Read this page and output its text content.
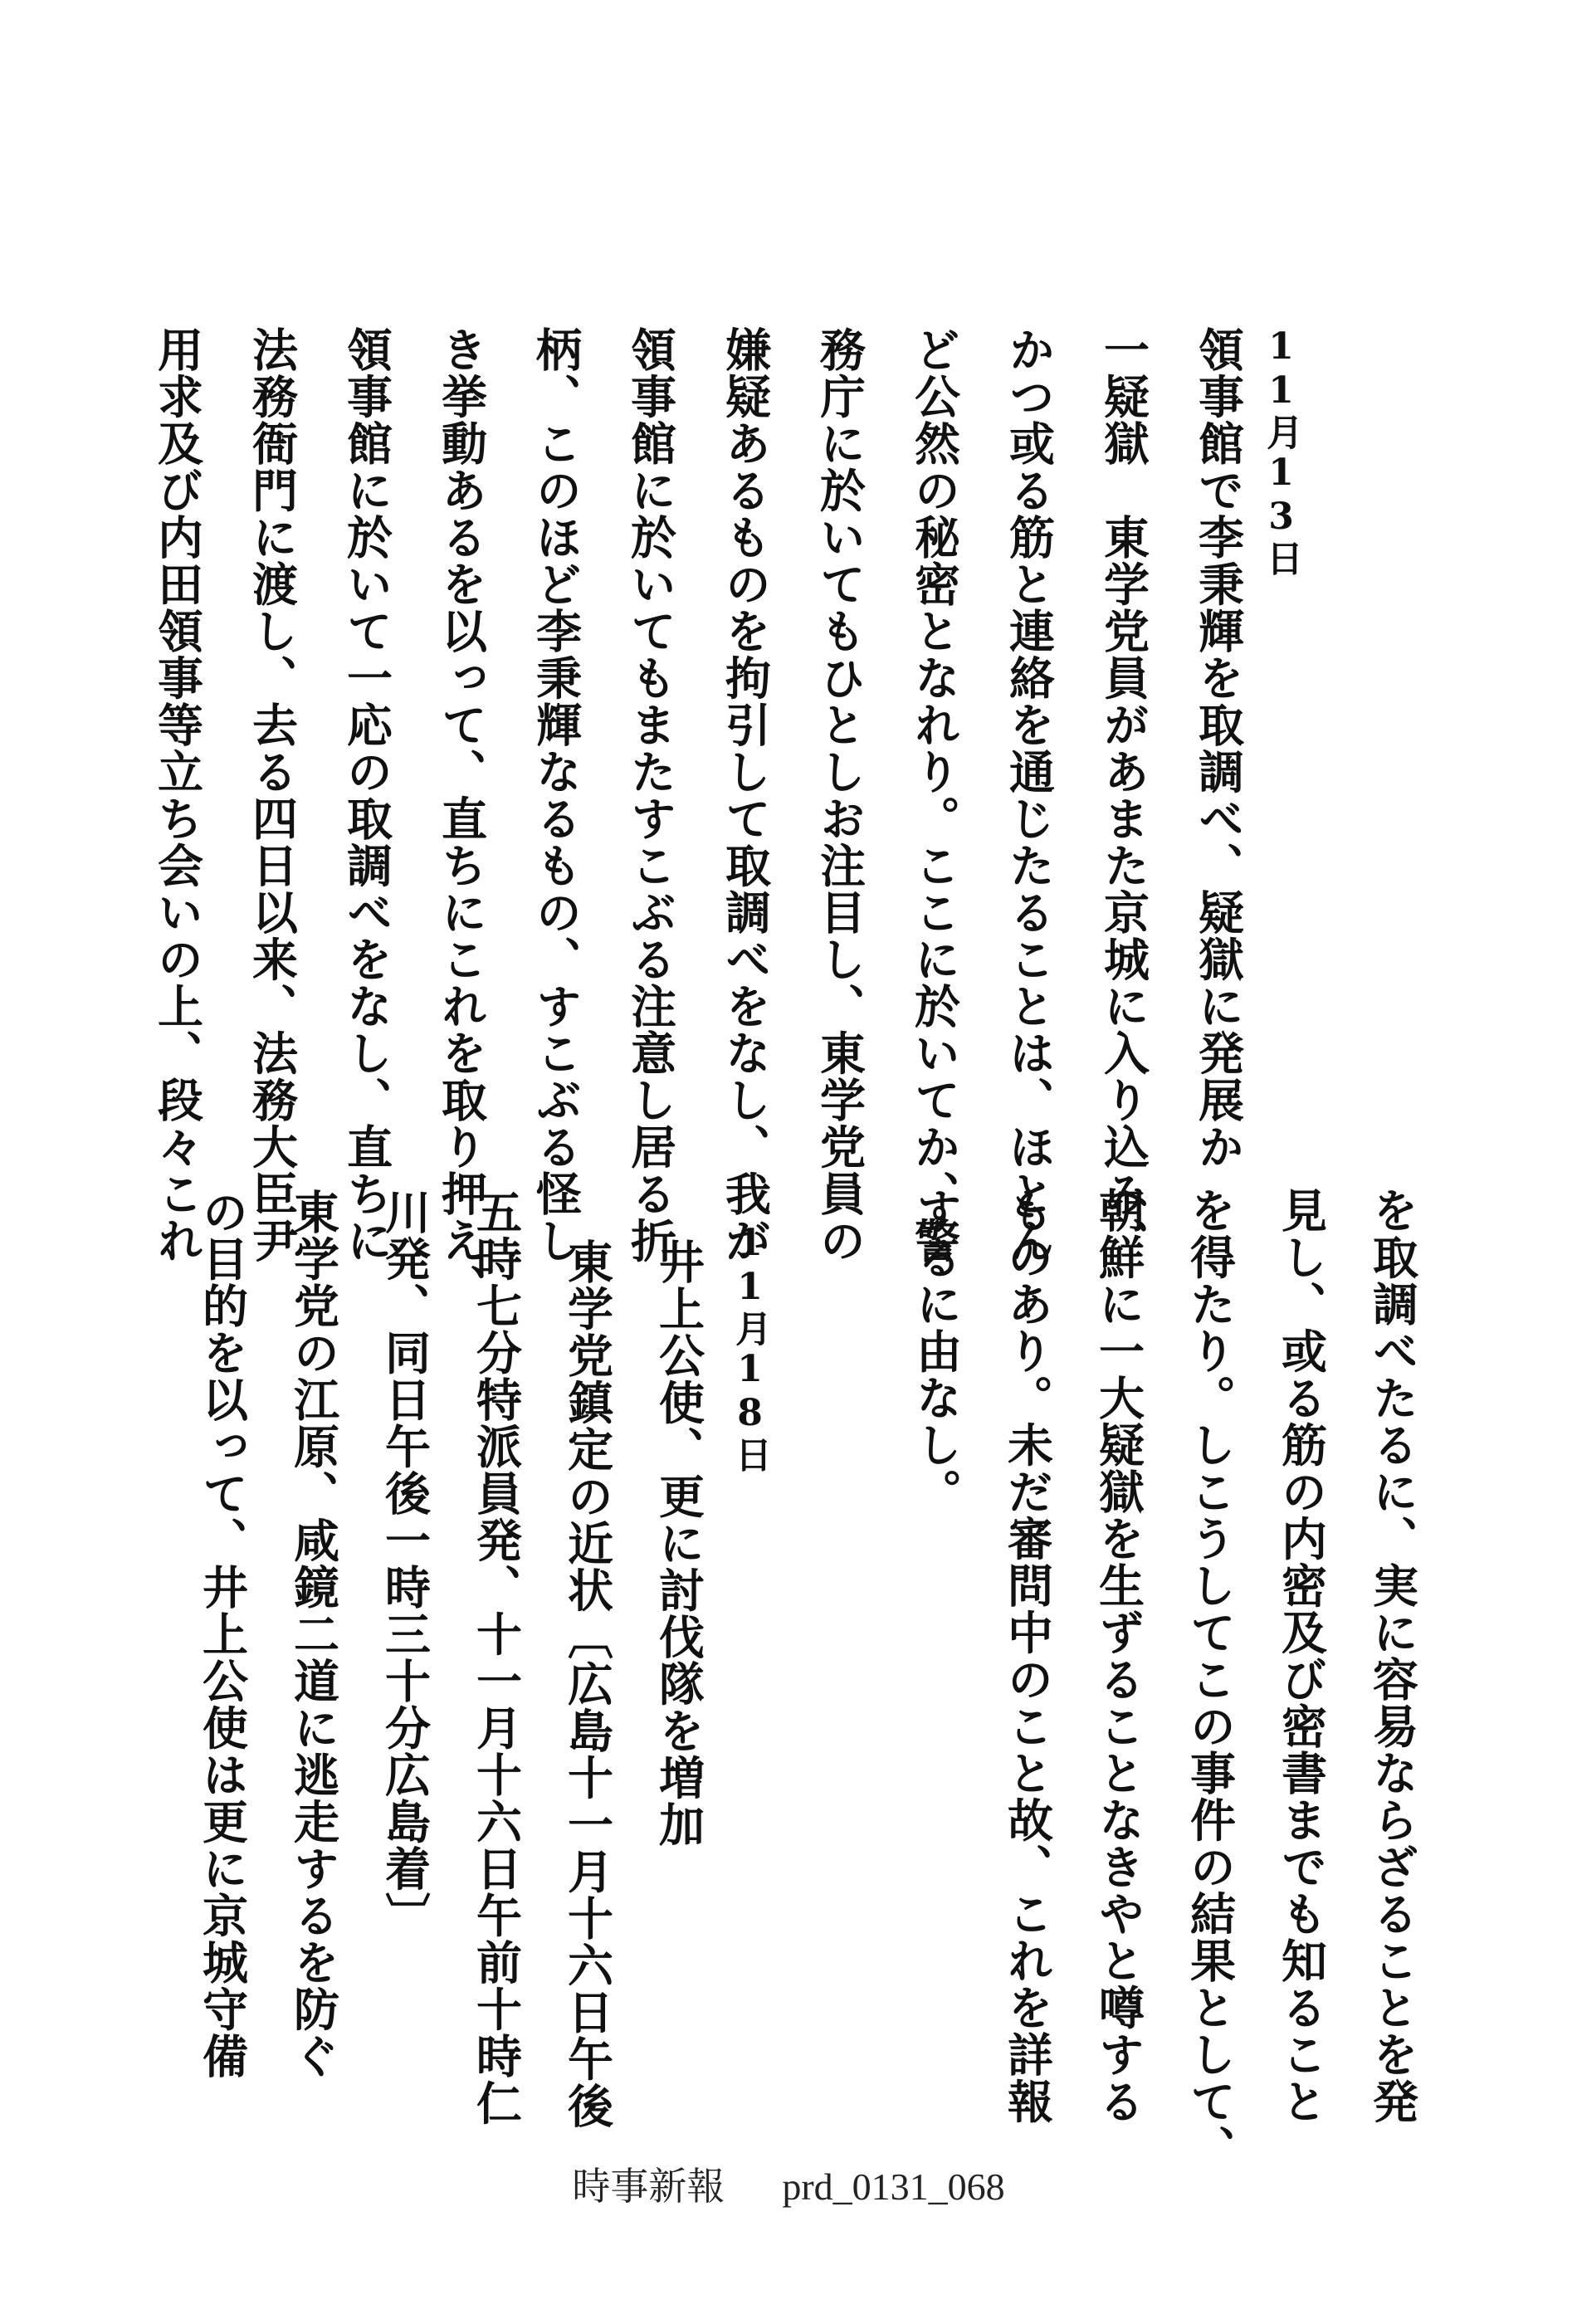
11月13日
領事館で李秉輝を取調べ、疑獄に発展か
一疑獄　東学党員があまた京城に入り込み、
かつ或る筋と連絡を通じたることは、ほとん
ど公然の秘密となれり。ここに於いてか、警
務庁に於いてもひとしお注目し、東学党員の
嫌疑あるものを拘引して取調べをなし、我が
領事館に於いてもまたすこぶる注意し居る折
柄、このほど李秉輝なるもの、すこぶる怪し
き挙動あるを以って、直ちにこれを取り押え、
領事館に於いて一応の取調べをなし、直ちに
法務衙門に渡し、去る四日以来、法務大臣尹
用求及び内田領事等立ち会いの上、段々これ
を取調べたるに、実に容易ならざることを発
見し、或る筋の内密及び密書までも知ること
を得たり。しこうしてこの事件の結果として、
朝鮮に一大疑獄を生ずることなきやと噂する
ものあり。未だ審問中のこと故、これを詳報
するに由なし。
11月18日
井上公使、更に討伐隊を増加
東学党鎮定の近状〔広島十一月十六日午後
五時七分特派員発、十一月十六日午前十時仁
川発、同日午後一時三十分広島着〕
東学党の江原、咸鏡二道に逃走するを防ぐ
の目的を以って、井上公使は更に京城守備
時事新報 prd_0131_068
